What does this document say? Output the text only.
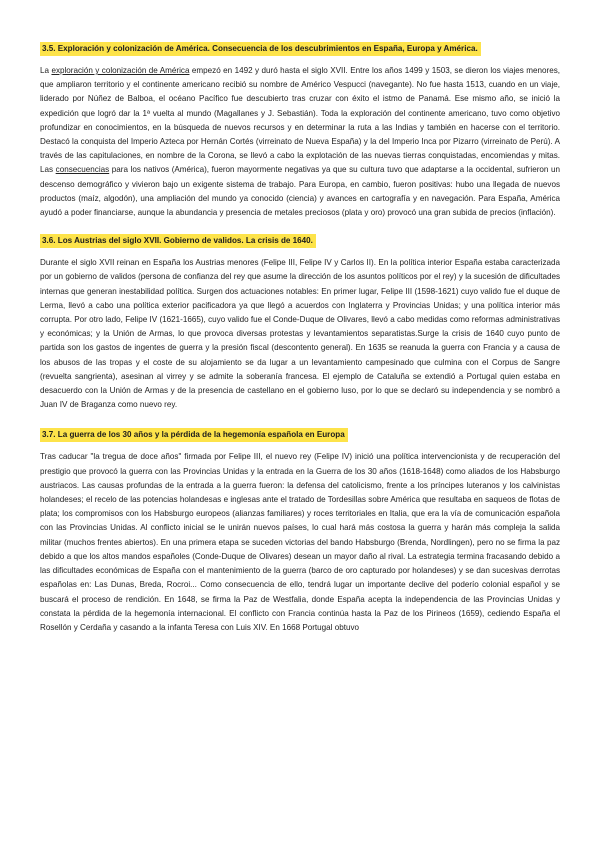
3.5. Exploración y colonización de América. Consecuencia de los descubrimientos en España, Europa y América.

La exploración y colonización de América empezó en 1492 y duró hasta el siglo XVII. Entre los años 1499 y 1503, se dieron los viajes menores, que ampliaron territorio y el continente americano recibió su nombre de Américo Vespucci (navegante). No fue hasta 1513, cuando en un viaje, liderado por Núñez de Balboa, el océano Pacífico fue descubierto tras cruzar con éxito el istmo de Panamá. Ese mismo año, se inició la expedición que logró dar la 1ª vuelta al mundo (Magallanes y J. Sebastián). Toda la exploración del continente americano, tuvo como objetivo profundizar en conocimientos, en la búsqueda de nuevos recursos y en determinar la ruta a las Indias y también en hacerse con el territorio. Destacó la conquista del Imperio Azteca por Hernán Cortés (virreinato de Nueva España) y la del Imperio Inca por Pizarro (virreinato de Perú). A través de las capitulaciones, en nombre de la Corona, se llevó a cabo la explotación de las nuevas tierras conquistadas, encomiendas y mitas. Las consecuencias para los nativos (América), fueron mayormente negativas ya que su cultura tuvo que adaptarse a la occidental, sufrieron un descenso demográfico y vivieron bajo un exigente sistema de trabajo. Para Europa, en cambio, fueron positivas: hubo una llegada de nuevos productos (maíz, algodón), una ampliación del mundo ya conocido (ciencia) y avances en cartografía y en navegación. Para España, América ayudó a poder financiarse, aunque la abundancia y presencia de metales preciosos (plata y oro) provocó una gran subida de precios (inflación).

3.6. Los Austrias del siglo XVII. Gobierno de validos. La crisis de 1640.

Durante el siglo XVII reinan en España los Austrias menores (Felipe III, Felipe IV y Carlos II). En la política interior España estaba caracterizada por un gobierno de validos (persona de confianza del rey que asume la dirección de los asuntos políticos por el rey) y la sucesión de dificultades internas que generan inestabilidad política. Surgen dos actuaciones notables: En primer lugar, Felipe III (1598-1621) cuyo valido fue el duque de Lerma, llevó a cabo una política exterior pacificadora ya que llegó a acuerdos con Inglaterra y Provincias Unidas; y una política interior más corrupta. Por otro lado, Felipe IV (1621-1665), cuyo valido fue el Conde-Duque de Olivares, llevó a cabo medidas como reformas administrativas y económicas; y la Unión de Armas, lo que provoca diversas protestas y levantamientos separatistas.Surge la crisis de 1640 cuyo punto de partida son los gastos de ingentes de guerra y la presión fiscal (descontento general). En 1635 se reanuda la guerra con Francia y a causa de los abusos de las tropas y el coste de su alojamiento se da lugar a un levantamiento campesinado que culmina con el Corpus de Sangre (revuelta sangrienta), asesinan al virrey y se admite la soberanía francesa. El ejemplo de Cataluña se extendió a Portugal quien estaba en desacuerdo con la Unión de Armas y de la presencia de castellano en el gobierno luso, por lo que se declaró su independencia y se nombró a Juan IV de Braganza como nuevo rey.

3.7. La guerra de los 30 años y la pérdida de la hegemonía española en Europa

Tras caducar "la tregua de doce años" firmada por Felipe III, el nuevo rey (Felipe IV) inició una política intervencionista y de recuperación del prestigio que provocó la guerra con las Provincias Unidas y la entrada en la Guerra de los 30 años (1618-1648) como aliados de los Habsburgo austriacos. Las causas profundas de la entrada a la guerra fueron: la defensa del catolicismo, frente a los príncipes luteranos y los calvinistas holandeses; el recelo de las potencias holandesas e inglesas ante el tratado de Tordesillas sobre América que resultaba en saqueos de flotas de plata; los compromisos con los Habsburgo europeos (alianzas familiares) y roces territoriales en Italia, que era la vía de comunicación española con las Provincias Unidas. Al conflicto inicial se le unirán nuevos países, lo cual hará más costosa la guerra y harán más compleja la salida militar (muchos frentes abiertos). En una primera etapa se suceden victorias del bando Habsburgo (Brenda, Nordlingen), pero no se firma la paz debido a que los altos mandos españoles (Conde-Duque de Olivares) desean un mayor daño al rival. La estrategia termina fracasando debido a las dificultades económicas de España con el mantenimiento de la guerra (barco de oro capturado por holandeses) y se dan sucesivas derrotas españolas en: Las Dunas, Breda, Rocroi... Como consecuencia de ello, tendrá lugar un importante declive del poderío colonial español y se buscará el proceso de rendición. En 1648, se firma la Paz de Westfalia, donde España acepta la independencia de las Provincias Unidas y constata la pérdida de la hegemonía internacional. El conflicto con Francia continúa hasta la Paz de los Pirineos (1659), cediendo España el Rosellón y Cerdaña y casando a la infanta Teresa con Luis XIV. En 1668 Portugal obtuvo
